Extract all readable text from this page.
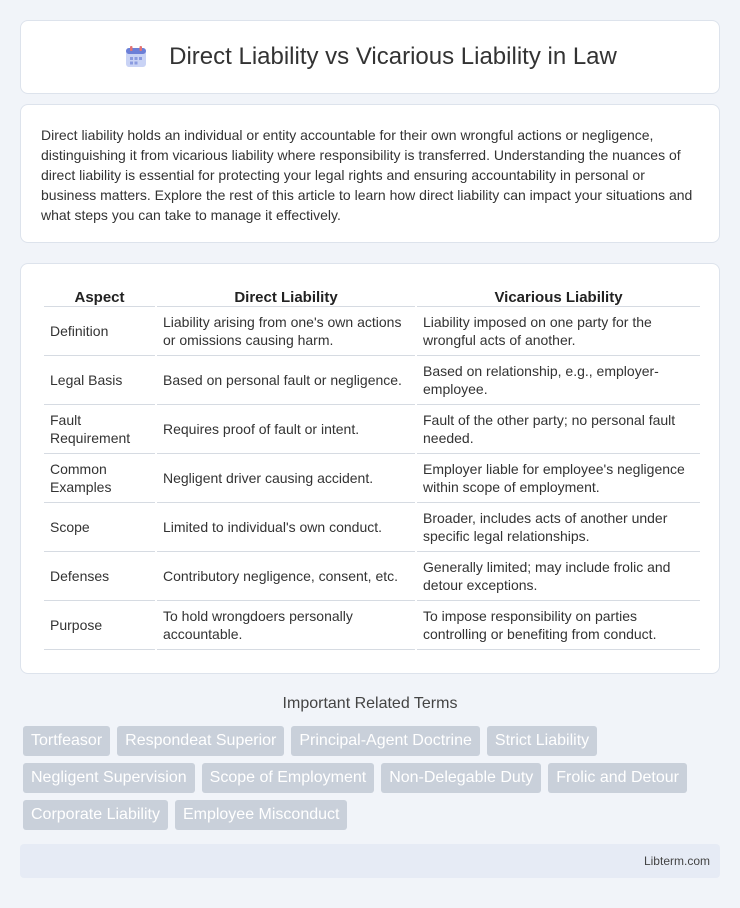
Direct Liability vs Vicarious Liability in Law

Direct liability holds an individual or entity accountable for their own wrongful actions or negligence, distinguishing it from vicarious liability where responsibility is transferred. Understanding the nuances of direct liability is essential for protecting your legal rights and ensuring accountability in personal or business matters. Explore the rest of this article to learn how direct liability can impact your situations and what steps you can take to manage it effectively.

Aspect	Direct Liability	Vicarious Liability
Definition	Liability arising from one's own actions or omissions causing harm.	Liability imposed on one party for the wrongful acts of another.
Legal Basis	Based on personal fault or negligence.	Based on relationship, e.g., employer-employee.
Fault Requirement	Requires proof of fault or intent.	Fault of the other party; no personal fault needed.
Common Examples	Negligent driver causing accident.	Employer liable for employee's negligence within scope of employment.
Scope	Limited to individual's own conduct.	Broader, includes acts of another under specific legal relationships.
Defenses	Contributory negligence, consent, etc.	Generally limited; may include frolic and detour exceptions.
Purpose	To hold wrongdoers personally accountable.	To impose responsibility on parties controlling or benefiting from conduct.
Important Related Terms
Tortfeasor	Respondeat Superior	Principal-Agent Doctrine	Strict Liability
Negligent Supervision	Scope of Employment	Non-Delegable Duty	Frolic and Detour
Corporate Liability	Employee Misconduct
Libterm.com
